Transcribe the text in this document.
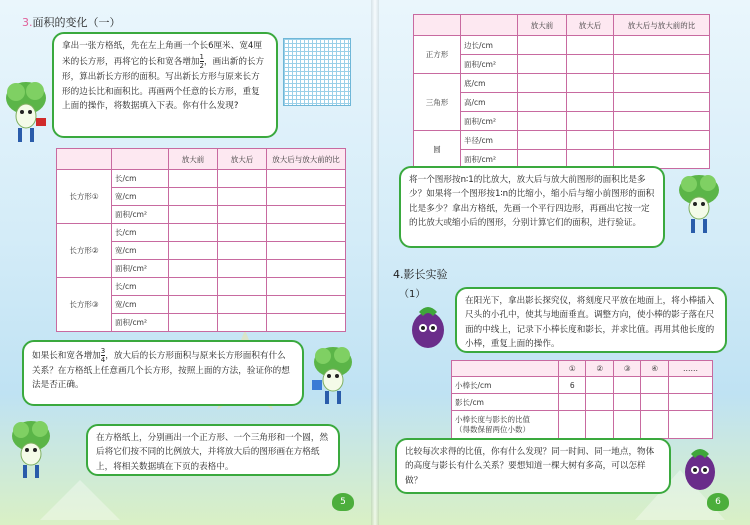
3.面积的变化（一）
拿出一张方格纸，先在左上角画一个长6厘米、宽4厘米的长方形，再将它的长和宽各增加 $\frac{1}{2}$ ，画出新的长方形，算出新长方形的面积。写出新长方形与原来长方形的边长比和面积比。再画两个任意的长方形，重复上面的操作，将数据填入下表。你有什么发现?
		放大前	放大后	放大后与放大前的比
长方形①	长/cm			
	宽/cm			
	面积/cm²			
长方形②	长/cm			
	宽/cm			
	面积/cm²			
长方形③	长/cm			
	宽/cm			
	面积/cm²			
如果长和宽各增加 $\frac{3}{4}$ ，放大后的长方形面积与原来长方形面积有什么关系？在方格纸上任意画几个长方形，按照上面的方法，验证你的想法是否正确。
在方格纸上，分别画出一个正方形、一个三角形和一个圆，然后将它们按不同的比例放大，并将放大后的图形画在方格纸上，将相关数据填在下页的表格中。
5
		放大前	放大后	放大后与放大前的比
正方形	边长/cm			
	面积/cm²			
三角形	底/cm			
	高/cm			
	面积/cm²			
圆	半径/cm			
	面积/cm²			
将一个图形按n∶1的比放大，放大后与放大前图形的面积比是多少？如果将一个图形按1∶n的比缩小，缩小后与缩小前图形的面积比是多少？拿出方格纸，先画一个平行四边形，再画出它按一定的比放大或缩小后的图形，分别计算它们的面积，进行验证。
4.影长实验
（1）
在阳光下，拿出影长探究仪，将刻度尺平放在地面上，将小棒插入尺头的小孔中，使其与地面垂直。调整方向，使小棒的影子落在尺面的中线上，记录下小棒长度和影长，并求比值。再用其他长度的小棒，重复上面的操作。
	①	②	③	④	……
小棒长/cm	6				
影长/cm					
小棒长度与影长的比值
（得数保留两位小数）					
比较每次求得的比值，你有什么发现？同一时间、同一地点，物体的高度与影长有什么关系？要想知道一棵大树有多高，可以怎样做？
6
